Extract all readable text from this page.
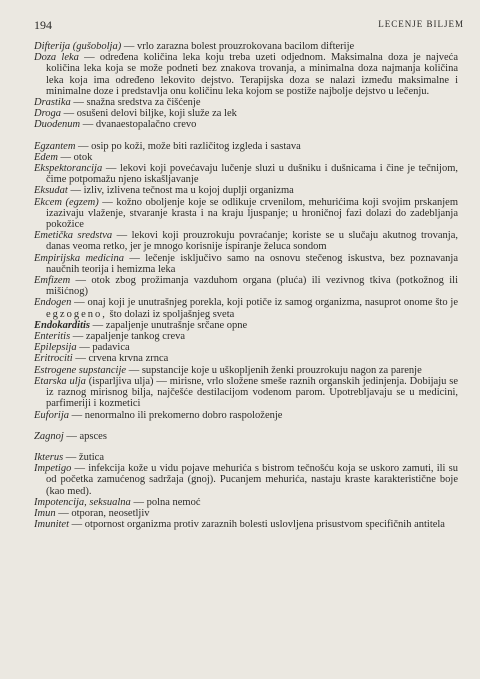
194	LECENJE BILJEM
Difterija (gušobolja) — vrlo zarazna bolest prouzrokovana bacilom difterije
Doza leka — određena količina leka koju treba uzeti odjednom. Maksimalna doza je najveća količina leka koja se može podneti bez znakova trovanja, a minimalna doza najmanja količina leka koja ima određeno lekovito dejstvo. Terapijska doza se nalazi između maksimalne i minimalne doze i predstavlja onu količinu leka kojom se postiže najbolje dejstvo u lečenju.
Drastika — snažna sredstva za čišćenje
Droga — osušeni delovi biljke, koji služe za lek
Duodenum — dvanaestopalačno crevo
Egzantem — osip po koži, može biti različitog izgleda i sastava
Edem — otok
Ekspektorancija — lekovi koji povećavaju lučenje sluzi u dušniku i dušnicama i čine je tečnijom, čime potpomažu njeno iskašljavanje
Eksudat — izliv, izlivena tečnost ma u kojoj duplji organizma
Ekcem (egzem) — kožno oboljenje koje se odlikuje crvenilom, mehurićima koji svojim prskanjem izazivaju vlaženje, stvaranje krasta i na kraju ljuspanje; u hroničnoj fazi dolazi do zadebljanja pokožice
Emetička sredstva — lekovi koji prouzrokuju povraćanje; koriste se u slučaju akutnog trovanja, danas veoma retko, jer je mnogo korisnije ispiranje želuca sondom
Empirijska medicina — lečenje isključivo samo na osnovu stečenog iskustva, bez poznavanja naučnih teorija i hemizma leka
Emfizem — otok zbog prožimanja vazduhom organa (pluća) ili vezivnog tkiva (potkožnog ili mišićnog)
Endogen — onaj koji je unutrašnjeg porekla, koji potiče iz samog organizma, nasuprot onome što je egzogeno, što dolazi iz spoljašnjeg sveta
Endokarditis — zapaljenje unutrašnje srčane opne
Enteritis — zapaljenje tankog creva
Epilepsija — padavica
Eritrociti — crvena krvna zrnca
Estrogene supstancije — supstancije koje u uškopljenih ženki prouzrokuju nagon za parenje
Etarska ulja (isparljiva ulja) — mirisne, vrlo složene smeše raznih organskih jedinjenja. Dobijaju se iz raznog mirisnog bilja, najčešće destilacijom vodenom parom. Upotrebljavaju se u medicini, parfimeriji i kozmetici
Euforija — nenormalno ili prekomerno dobro raspoloženje
Zagnoj — apsces
Ikterus — žutica
Impetigo — infekcija kože u vidu pojave mehurića s bistrom tečnošću koja se uskoro zamuti, ili su od početka zamućenog sadržaja (gnoj). Pucanjem mehurića, nastaju kraste karakteristične boje (kao med).
Impotencija, seksualna — polna nemoć
Imun — otporan, neosetljiv
Imunitet — otpornost organizma protiv zaraznih bolesti uslovljena prisustvom specifičnih antitela
